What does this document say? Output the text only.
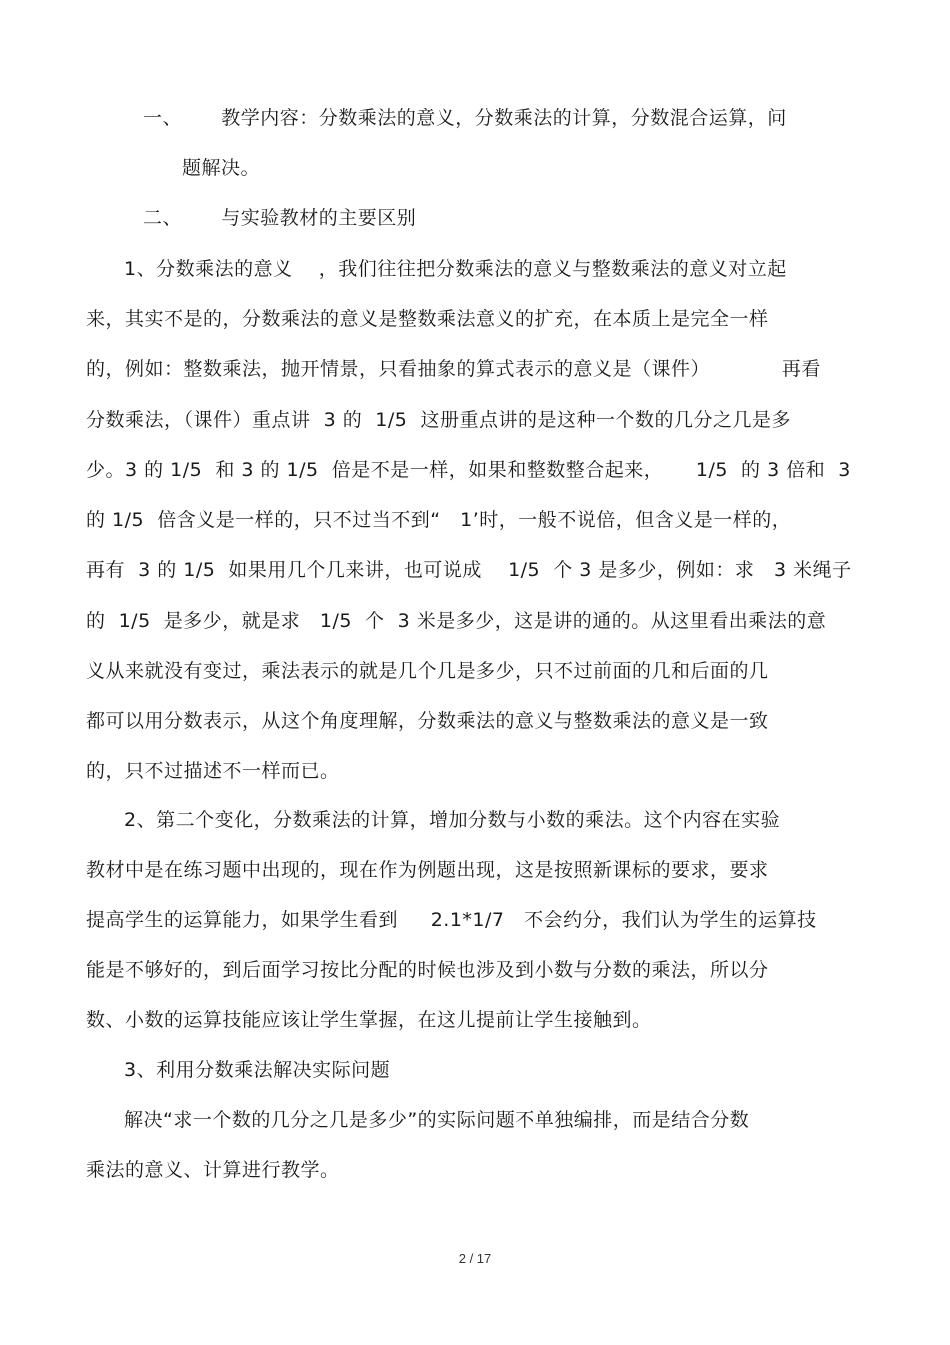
一、      教学内容：分数乘法的意义，分数乘法的计算，分数混合运算，问
题解决。
二、      与实验教材的主要区别
1、分数乘法的意义    ，我们往往把分数乘法的意义与整数乘法的意义对立起
来，其实不是的，分数乘法的意义是整数乘法意义的扩充，在本质上是完全一样
的，例如：整数乘法，抛开情景，只看抽象的算式表示的意义是（课件）           再看
分数乘法，（课件）重点讲  3 的  1/5  这册重点讲的是这种一个数的几分之几是多
少。3 的 1/5  和 3 的 1/5  倍是不是一样，如果和整数整合起来，     1/5  的 3 倍和  3
的 1/5  倍含义是一样的，只不过当不到“   1’时，一般不说倍，但含义是一样的，
再有  3 的 1/5  如果用几个几来讲，也可说成    1/5  个 3 是多少，例如：求   3 米绳子
的  1/5  是多少，就是求   1/5  个  3 米是多少，这是讲的通的。从这里看出乘法的意
义从来就没有变过，乘法表示的就是几个几是多少，只不过前面的几和后面的几
都可以用分数表示，从这个角度理解，分数乘法的意义与整数乘法的意义是一致
的，只不过描述不一样而已。
2、第二个变化，分数乘法的计算，增加分数与小数的乘法。这个内容在实验
教材中是在练习题中出现的，现在作为例题出现，这是按照新课标的要求，要求
提高学生的运算能力，如果学生看到     2.1*1/7   不会约分，我们认为学生的运算技
能是不够好的，到后面学习按比分配的时候也涉及到小数与分数的乘法，所以分
数、小数的运算技能应该让学生掌握，在这儿提前让学生接触到。
3、利用分数乘法解决实际问题
解决“求一个数的几分之几是多少”的实际问题不单独编排，而是结合分数
乘法的意义、计算进行教学。
2 / 17
